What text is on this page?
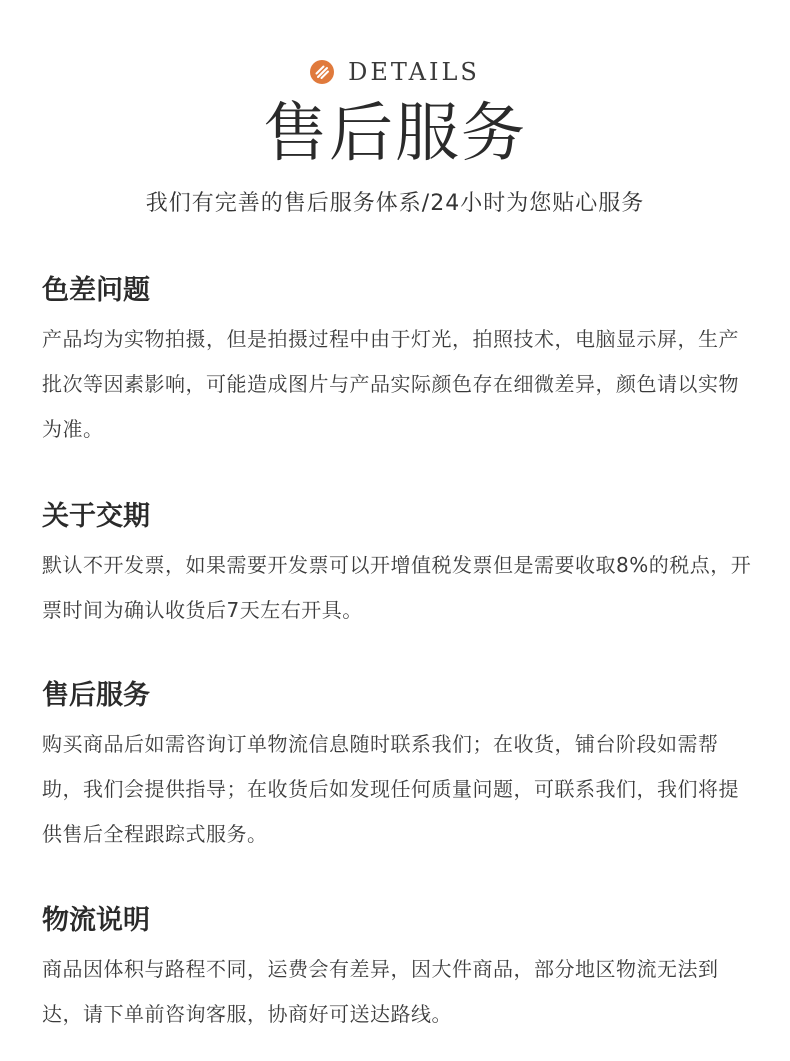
DETAILS
售后服务
我们有完善的售后服务体系/24小时为您贴心服务
色差问题

产品均为实物拍摄，但是拍摄过程中由于灯光，拍照技术，电脑显示屏，生产批次等因素影响，可能造成图片与产品实际颜色存在细微差异，颜色请以实物为准。

关于交期

默认不开发票，如果需要开发票可以开增值税发票但是需要收取8%的税点，开票时间为确认收货后7天左右开具。

售后服务

购买商品后如需咨询订单物流信息随时联系我们；在收货，铺台阶段如需帮助，我们会提供指导；在收货后如发现任何质量问题，可联系我们，我们将提供售后全程跟踪式服务。

物流说明

商品因体积与路程不同，运费会有差异，因大件商品，部分地区物流无法到达，请下单前咨询客服，协商好可送达路线。
